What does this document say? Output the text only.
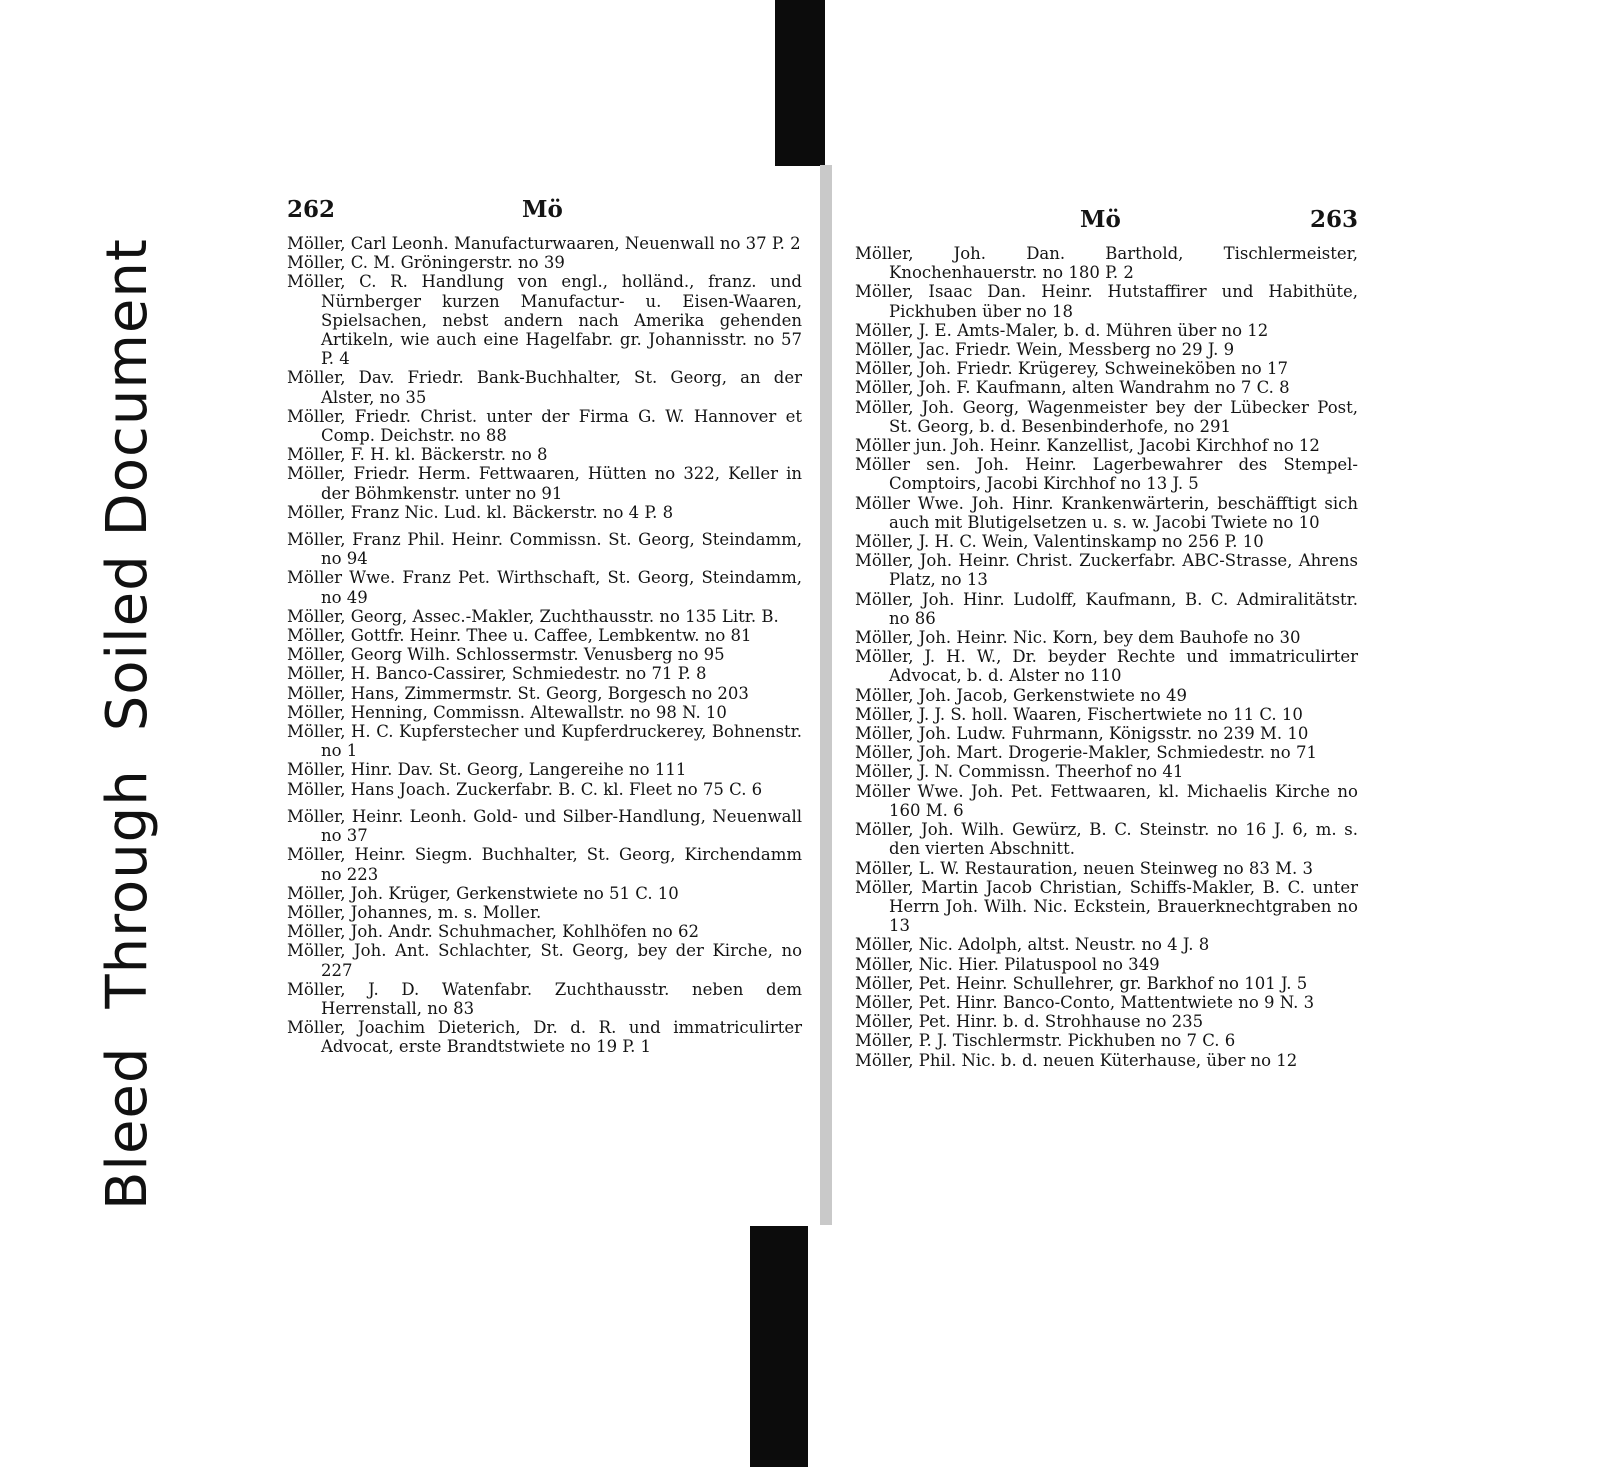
BleedThroughSoiledDocument
262	Mö
Möller, Carl Leonh. Manufacturwaaren, Neuenwall no 37 P. 2
Möller, C. M. Gröningerstr. no 39
Möller, C. R. Handlung von engl., holländ., franz. und Nürnberger kurzen Manufactur- u. Eisen-Waaren, Spielsachen, nebst andern nach Amerika gehenden Artikeln, wie auch eine Hagelfabr. gr. Johannisstr. no 57 P. 4
Möller, Dav. Friedr. Bank-Buchhalter, St. Georg, an der Alster, no 35
Möller, Friedr. Christ. unter der Firma G. W. Hannover et Comp. Deichstr. no 88
Möller, F. H. kl. Bäckerstr. no 8
Möller, Friedr. Herm. Fettwaaren, Hütten no 322, Keller in der Böhmkenstr. unter no 91
Möller, Franz Nic. Lud. kl. Bäckerstr. no 4 P. 8
Möller, Franz Phil. Heinr. Commissn. St. Georg, Steindamm, no 94
Möller Wwe. Franz Pet. Wirthschaft, St. Georg, Steindamm, no 49
Möller, Georg, Assec.-Makler, Zuchthausstr. no 135 Litr. B.
Möller, Gottfr. Heinr. Thee u. Caffee, Lembkentw. no 81
Möller, Georg Wilh. Schlossermstr. Venusberg no 95
Möller, H. Banco-Cassirer, Schmiedestr. no 71 P. 8
Möller, Hans, Zimmermstr. St. Georg, Borgesch no 203
Möller, Henning, Commissn. Altewallstr. no 98 N. 10
Möller, H. C. Kupferstecher und Kupferdruckerey, Bohnenstr. no 1
Möller, Hinr. Dav. St. Georg, Langereihe no 111
Möller, Hans Joach. Zuckerfabr. B. C. kl. Fleet no 75 C. 6
Möller, Heinr. Leonh. Gold- und Silber-Handlung, Neuenwall no 37
Möller, Heinr. Siegm. Buchhalter, St. Georg, Kirchendamm no 223
Möller, Joh. Krüger, Gerkenstwiete no 51 C. 10
Möller, Johannes, m. s. Moller.
Möller, Joh. Andr. Schuhmacher, Kohlhöfen no 62
Möller, Joh. Ant. Schlachter, St. Georg, bey der Kirche, no 227
Möller, J. D. Watenfabr. Zuchthausstr. neben dem Herrenstall, no 83
Möller, Joachim Dieterich, Dr. d. R. und immatriculirter Advocat, erste Brandtstwiete no 19 P. 1
Mö	263
Möller, Joh. Dan. Barthold, Tischlermeister, Knochenhauerstr. no 180 P. 2
Möller, Isaac Dan. Heinr. Hutstaffirer und Habithüte, Pickhuben über no 18
Möller, J. E. Amts-Maler, b. d. Mühren über no 12
Möller, Jac. Friedr. Wein, Messberg no 29 J. 9
Möller, Joh. Friedr. Krügerey, Schweineköben no 17
Möller, Joh. F. Kaufmann, alten Wandrahm no 7 C. 8
Möller, Joh. Georg, Wagenmeister bey der Lübecker Post, St. Georg, b. d. Besenbinderhofe, no 291
Möller jun. Joh. Heinr. Kanzellist, Jacobi Kirchhof no 12
Möller sen. Joh. Heinr. Lagerbewahrer des Stempel-Comptoirs, Jacobi Kirchhof no 13 J. 5
Möller Wwe. Joh. Hinr. Krankenwärterin, beschäfftigt sich auch mit Blutigelsetzen u. s. w. Jacobi Twiete no 10
Möller, J. H. C. Wein, Valentinskamp no 256 P. 10
Möller, Joh. Heinr. Christ. Zuckerfabr. ABC-Strasse, Ahrens Platz, no 13
Möller, Joh. Hinr. Ludolff, Kaufmann, B. C. Admiralitätstr. no 86
Möller, Joh. Heinr. Nic. Korn, bey dem Bauhofe no 30
Möller, J. H. W., Dr. beyder Rechte und immatriculirter Advocat, b. d. Alster no 110
Möller, Joh. Jacob, Gerkenstwiete no 49
Möller, J. J. S. holl. Waaren, Fischertwiete no 11 C. 10
Möller, Joh. Ludw. Fuhrmann, Königsstr. no 239 M. 10
Möller, Joh. Mart. Drogerie-Makler, Schmiedestr. no 71
Möller, J. N. Commissn. Theerhof no 41
Möller Wwe. Joh. Pet. Fettwaaren, kl. Michaelis Kirche no 160 M. 6
Möller, Joh. Wilh. Gewürz, B. C. Steinstr. no 16 J. 6, m. s. den vierten Abschnitt.
Möller, L. W. Restauration, neuen Steinweg no 83 M. 3
Möller, Martin Jacob Christian, Schiffs-Makler, B. C. unter Herrn Joh. Wilh. Nic. Eckstein, Brauerknechtgraben no 13
Möller, Nic. Adolph, altst. Neustr. no 4 J. 8
Möller, Nic. Hier. Pilatuspool no 349
Möller, Pet. Heinr. Schullehrer, gr. Barkhof no 101 J. 5
Möller, Pet. Hinr. Banco-Conto, Mattentwiete no 9 N. 3
Möller, Pet. Hinr. b. d. Strohhause no 235
Möller, P. J. Tischlermstr. Pickhuben no 7 C. 6
Möller, Phil. Nic. b. d. neuen Küterhause, über no 12
